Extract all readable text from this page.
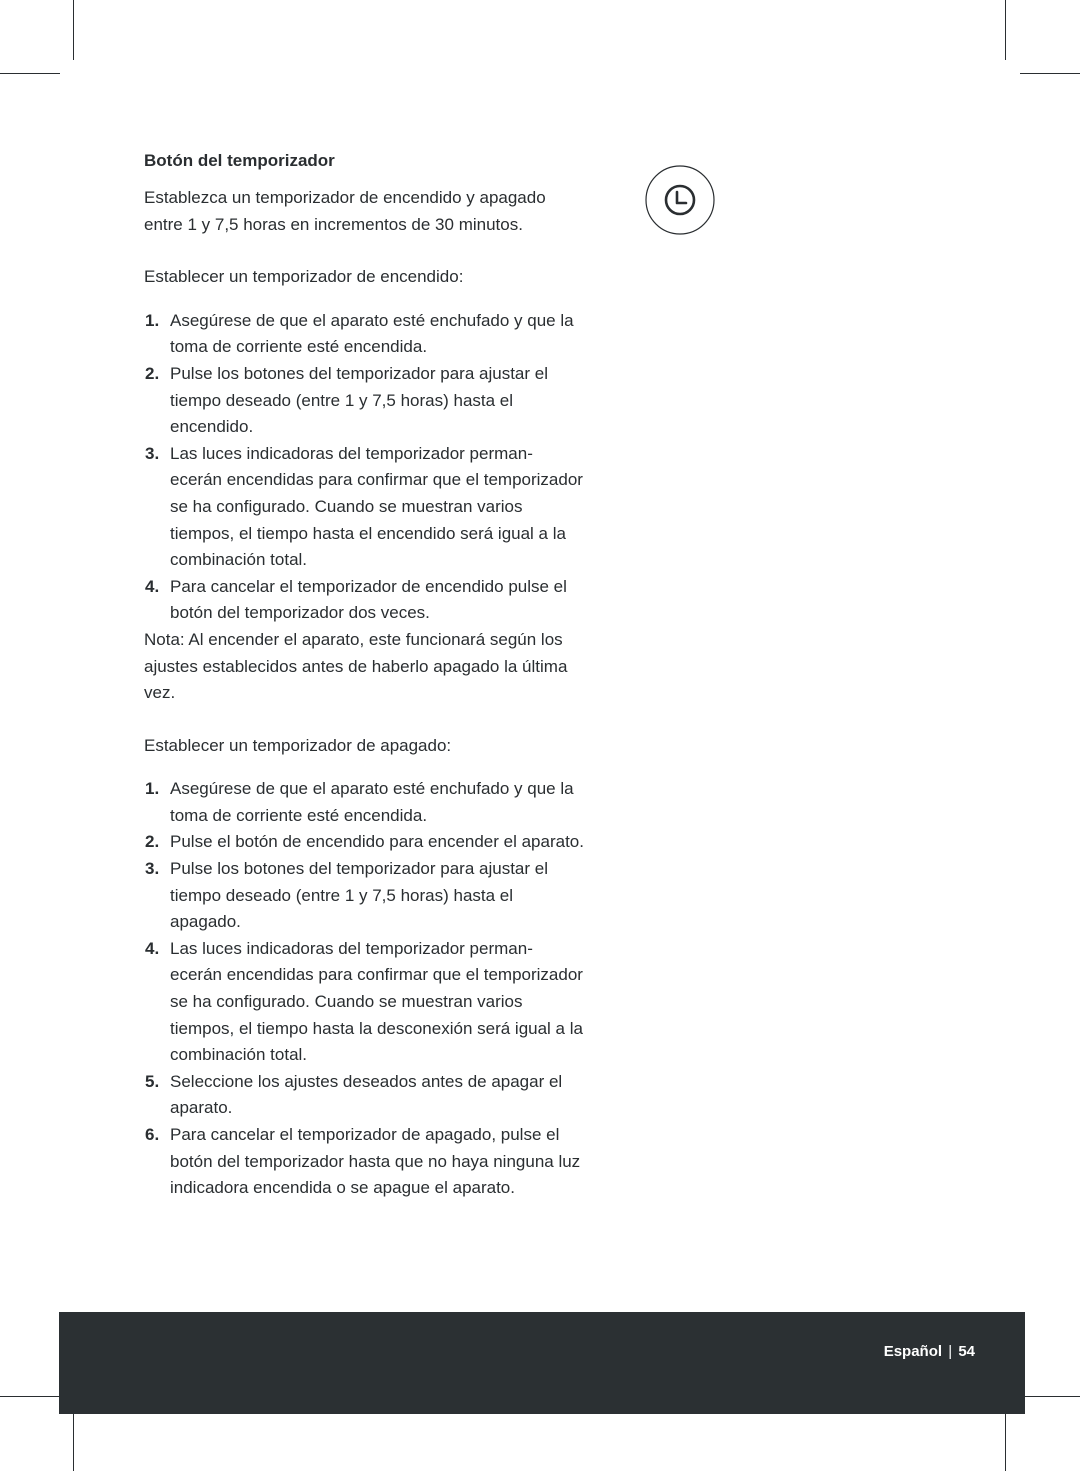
Botón del temporizador

Establezca un temporizador de encendido y apagado entre 1 y 7,5 horas en incrementos de 30 minutos.

Establecer un temporizador de encendido:

1. Asegúrese de que el aparato esté enchufado y que la toma de corriente esté encendida.
2. Pulse los botones del temporizador para ajustar el tiempo deseado (entre 1 y 7,5 horas) hasta el encendido.
3. Las luces indicadoras del temporizador perman-ecerán encendidas para confirmar que el temporizador se ha configurado. Cuando se muestran varios tiempos, el tiempo hasta el encendido será igual a la combinación total.
4. Para cancelar el temporizador de encendido pulse el botón del temporizador dos veces.

Nota: Al encender el aparato, este funcionará según los ajustes establecidos antes de haberlo apagado la última vez.

Establecer un temporizador de apagado:

1. Asegúrese de que el aparato esté enchufado y que la toma de corriente esté encendida.
2. Pulse el botón de encendido para encender el aparato.
3. Pulse los botones del temporizador para ajustar el tiempo deseado (entre 1 y 7,5 horas) hasta el apagado.
4. Las luces indicadoras del temporizador perman-ecerán encendidas para confirmar que el temporizador se ha configurado. Cuando se muestran varios tiempos, el tiempo hasta la desconexión será igual a la combinación total.
5. Seleccione los ajustes deseados antes de apagar el aparato.
6. Para cancelar el temporizador de apagado, pulse el botón del temporizador hasta que no haya ninguna luz indicadora encendida o se apague el aparato.
Español | 54
